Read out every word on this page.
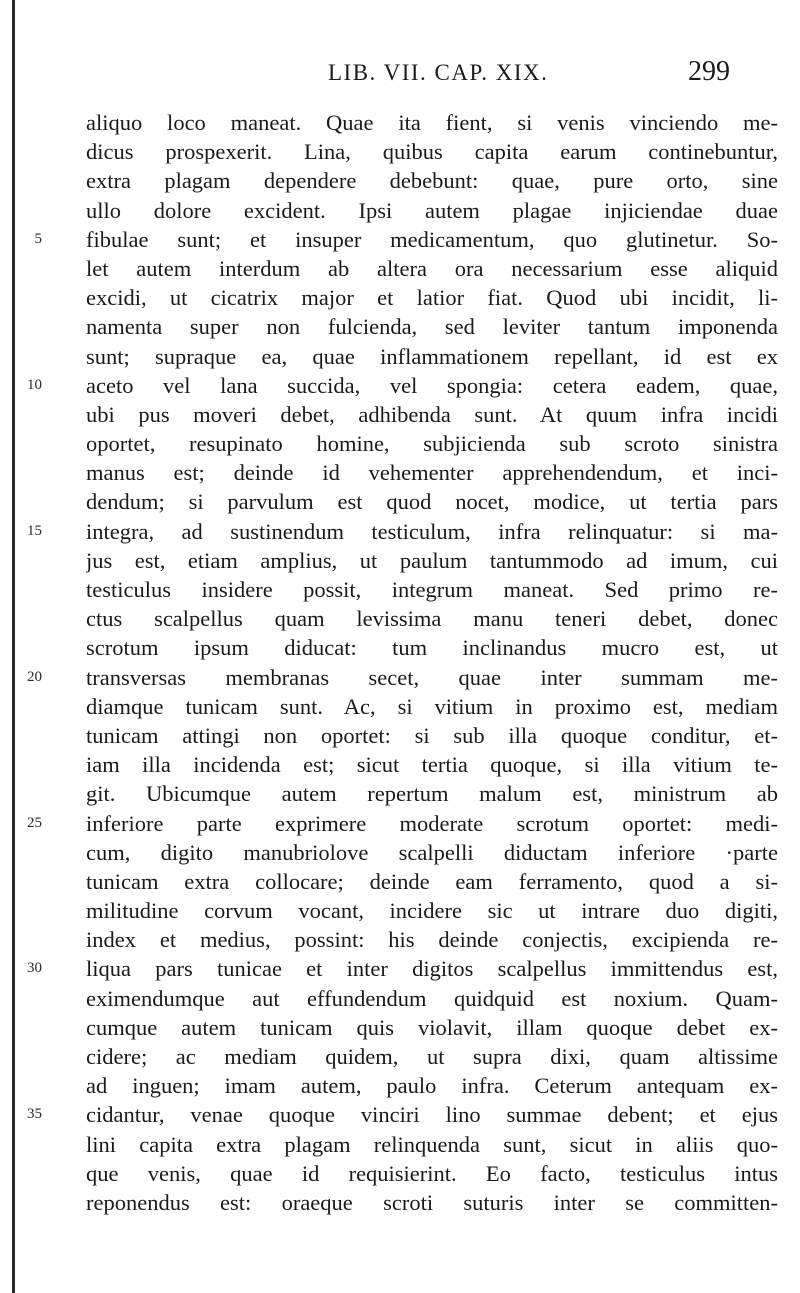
LIB. VII. CAP. XIX.	299
aliquo loco maneat. Quae ita fient, si venis vinciendo me-
dicus prospexerit. Lina, quibus capita earum continebuntur,
extra plagam dependere debebunt: quae, pure orto, sine
ullo dolore excident. Ipsi autem plagae injiciendae duae
5 fibulae sunt; et insuper medicamentum, quo glutinetur. So-
let autem interdum ab altera ora necessarium esse aliquid
excidi, ut cicatrix major et latior fiat. Quod ubi incidit, li-
namenta super non fulcienda, sed leviter tantum imponenda
sunt; supraque ea, quae inflammationem repellant, id est ex
10 aceto vel lana succida, vel spongia: cetera eadem, quae,
ubi pus moveri debet, adhibenda sunt. At quum infra incidi
oportet, resupinato homine, subjicienda sub scroto sinistra
manus est; deinde id vehementer apprehendendum, et inci-
dendum; si parvulum est quod nocet, modice, ut tertia pars
15 integra, ad sustinendum testiculum, infra relinquatur: si ma-
jus est, etiam amplius, ut paulum tantummodo ad imum, cui
testiculus insidere possit, integrum maneat. Sed primo re-
ctus scalpellus quam levissima manu teneri debet, donec
scrotum ipsum diducat: tum inclinandus mucro est, ut
20 transversas membranas secet, quae inter summam me-
diamque tunicam sunt. Ac, si vitium in proximo est, mediam
tunicam attingi non oportet: si sub illa quoque conditur, et-
iam illa incidenda est; sicut tertia quoque, si illa vitium te-
git. Ubicumque autem repertum malum est, ministrum ab
25 inferiore parte exprimere moderate scrotum oportet: medi-
cum, digito manubriolove scalpelli diductam inferiore ·parte
tunicam extra collocare; deinde eam ferramento, quod a si-
militudine corvum vocant, incidere sic ut intrare duo digiti,
index et medius, possint: his deinde conjectis, excipienda re-
30 liqua pars tunicae et inter digitos scalpellus immittendus est,
eximendumque aut effundendum quidquid est noxium. Quam-
cumque autem tunicam quis violavit, illam quoque debet ex-
cidere; ac mediam quidem, ut supra dixi, quam altissime
ad inguen; imam autem, paulo infra. Ceterum antequam ex-
35 cidantur, venae quoque vinciri lino summae debent; et ejus
lini capita extra plagam relinquenda sunt, sicut in aliis quo-
que venis, quae id requisierint. Eo facto, testiculus intus
reponendus est: oraeque scroti suturis inter se committen-
